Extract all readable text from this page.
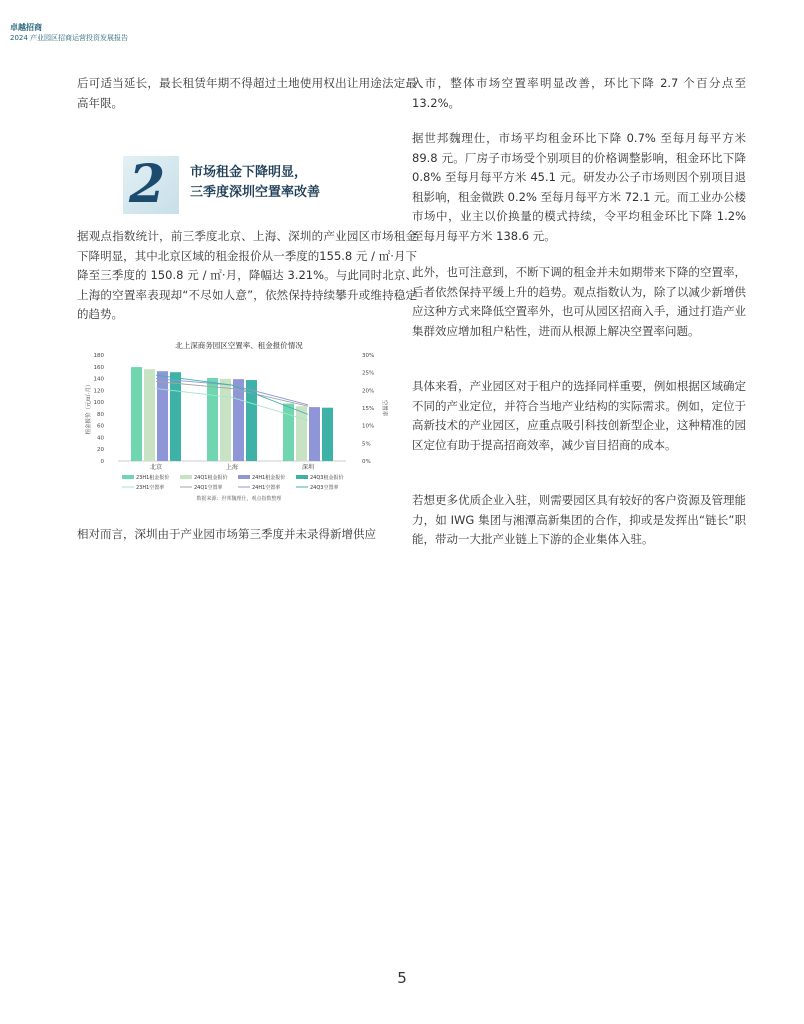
卓越招商
2024 产业园区招商运营投资发展报告

后可适当延长，最长租赁年期不得超过土地使用权出让用途法定最高年限。

据观点指数统计，前三季度北京、上海、深圳的产业园区市场租金下降明显，其中北京区域的租金报价从一季度的155.8 元 / ㎡·月下降至三季度的 150.8 元 / ㎡·月，降幅达 3.21%。与此同时北京、上海的空置率表现却“不尽如人意”，依然保持持续攀升或维持稳定的趋势。

相对而言，深圳由于产业园市场第三季度并未录得新增供应

2 市场租金下降明显，
三季度深圳空置率改善
北上深商务园区空置率、租金报价情况
0
20
40
60
80
100
120
140
160
180
0%
5%
10%
15%
20%
25%
30%
租金报价（元/㎡·月）	空置率
北京	上海	深圳
23H1租金报价	24Q1租金报价	24H1租金报价	24Q3租金报价
23H1空置率	24Q1空置率	24H1空置率	24Q3空置率
数据来源：世邦魏理仕，观点指数整理

入市，整体市场空置率明显改善，环比下降 2.7 个百分点至 13.2%。

据世邦魏理仕，市场平均租金环比下降 0.7% 至每月每平方米 89.8 元。厂房子市场受个别项目的价格调整影响，租金环比下降 0.8% 至每月每平方米 45.1 元。研发办公子市场则因个别项目退租影响，租金微跌 0.2% 至每月每平方米 72.1 元。而工业办公楼市场中，业主以价换量的模式持续，令平均租金环比下降 1.2% 至每月每平方米 138.6 元。

此外，也可注意到，不断下调的租金并未如期带来下降的空置率，后者依然保持平缓上升的趋势。观点指数认为，除了以减少新增供应这种方式来降低空置率外，也可从园区招商入手，通过打造产业集群效应增加租户粘性，进而从根源上解决空置率问题。

具体来看，产业园区对于租户的选择同样重要，例如根据区域确定不同的产业定位，并符合当地产业结构的实际需求。例如，定位于高新技术的产业园区，应重点吸引科技创新型企业，这种精准的园区定位有助于提高招商效率，减少盲目招商的成本。

若想更多优质企业入驻，则需要园区具有较好的客户资源及管理能力，如 IWG 集团与湘潭高新集团的合作，抑或是发挥出“链长”职能，带动一大批产业链上下游的企业集体入驻。

5
